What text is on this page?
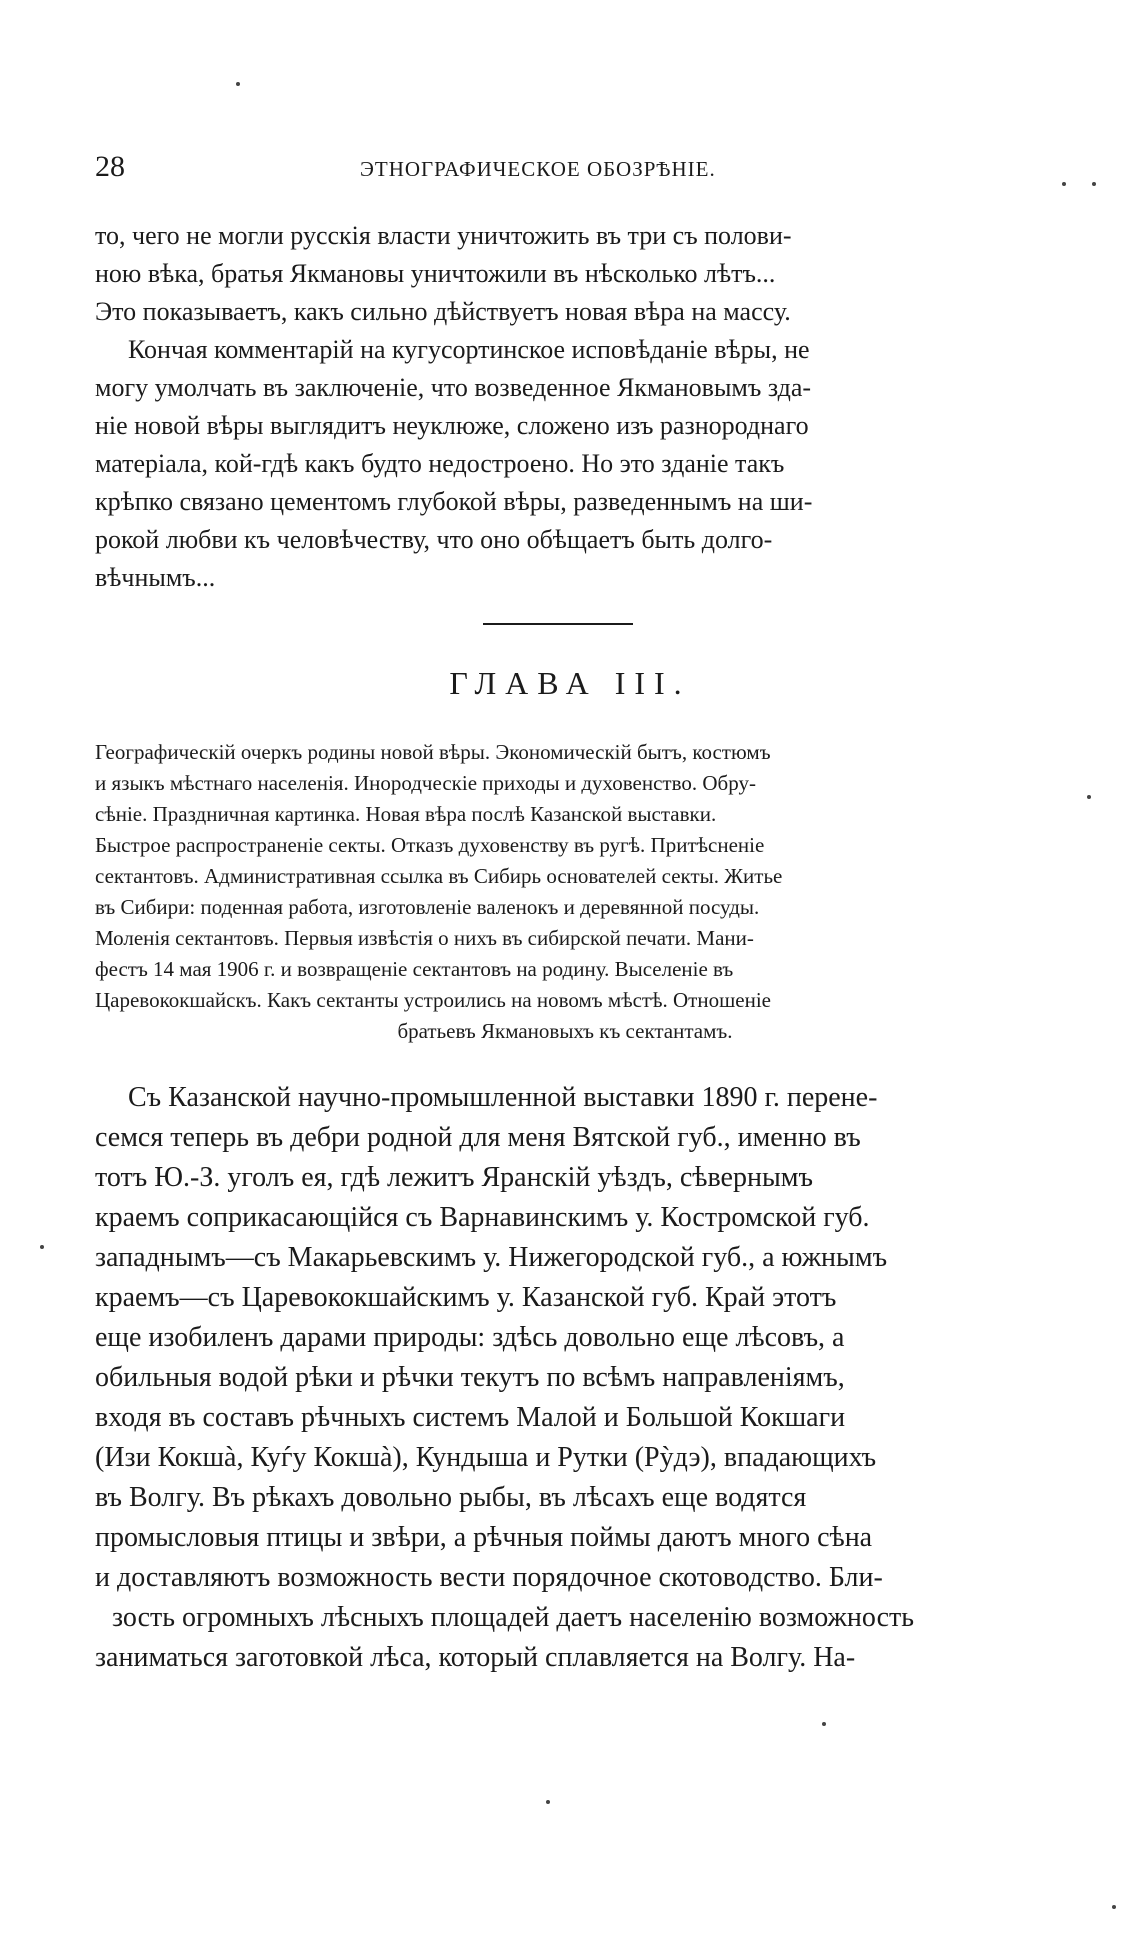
28	ЭТНОГРАФИЧЕСКОЕ ОБОЗРѢНІЕ.
то, чего не могли русскія власти уничтожить въ три съ полови-
ною вѣка, братья Якмановы уничтожили въ нѣсколько лѣтъ...
Это показываетъ, какъ сильно дѣйствуетъ новая вѣра на массу.
Кончая комментарій на кугусортинское исповѣданіе вѣры, не
могу умолчать въ заключеніе, что возведенное Якмановымъ зда-
ніе новой вѣры выглядитъ неуклюже, сложено изъ разнороднаго
матеріала, кой-гдѣ какъ будто недостроено. Но это зданіе такъ
крѣпко связано цементомъ глубокой вѣры, разведеннымъ на ши-
рокой любви къ человѣчеству, что оно обѣщаетъ быть долго-
вѣчнымъ...
ГЛАВА III.
Географическій очеркъ родины новой вѣры. Экономическій бытъ, костюмъ
и языкъ мѣстнаго населенія. Инородческіе приходы и духовенство. Обру-
сѣніе. Праздничная картинка. Новая вѣра послѣ Казанской выставки.
Быстрое распространеніе секты. Отказъ духовенству въ ругѣ. Притѣсненіе
сектантовъ. Административная ссылка въ Сибирь основателей секты. Житье
въ Сибири: поденная работа, изготовленіе валенокъ и деревянной посуды.
Моленія сектантовъ. Первыя извѣстія о нихъ въ сибирской печати. Мани-
фестъ 14 мая 1906 г. и возвращеніе сектантовъ на родину. Выселеніе въ
Царевококшайскъ. Какъ сектанты устроились на новомъ мѣстѣ. Отношеніе
братьевъ Якмановыхъ къ сектантамъ.
Съ Казанской научно-промышленной выставки 1890 г. перене-
семся теперь въ дебри родной для меня Вятской губ., именно въ
тотъ Ю.-З. уголъ ея, гдѣ лежитъ Яранскій уѣздъ, сѣвернымъ
краемъ соприкасающійся съ Варнавинскимъ у. Костромской губ.
западнымъ—съ Макарьевскимъ у. Нижегородской губ., а южнымъ
краемъ—съ Царевококшайскимъ у. Казанской губ. Край этотъ
еще изобиленъ дарами природы: здѣсь довольно еще лѣсовъ, а
обильныя водой рѣки и рѣчки текутъ по всѣмъ направленіямъ,
входя въ составъ рѣчныхъ системъ Малой и Большой Кокшаги
(Изи Кокшà, Куѓу Кокшà), Кундыша и Рутки (Рỳдэ), впадающихъ
въ Волгу. Въ рѣкахъ довольно рыбы, въ лѣсахъ еще водятся
промысловыя птицы и звѣри, а рѣчныя поймы даютъ много сѣна
и доставляютъ возможность вести порядочное скотоводство. Бли-
зость огромныхъ лѣсныхъ площадей даетъ населенію возможность
заниматься заготовкой лѣса, который сплавляется на Волгу. На-
